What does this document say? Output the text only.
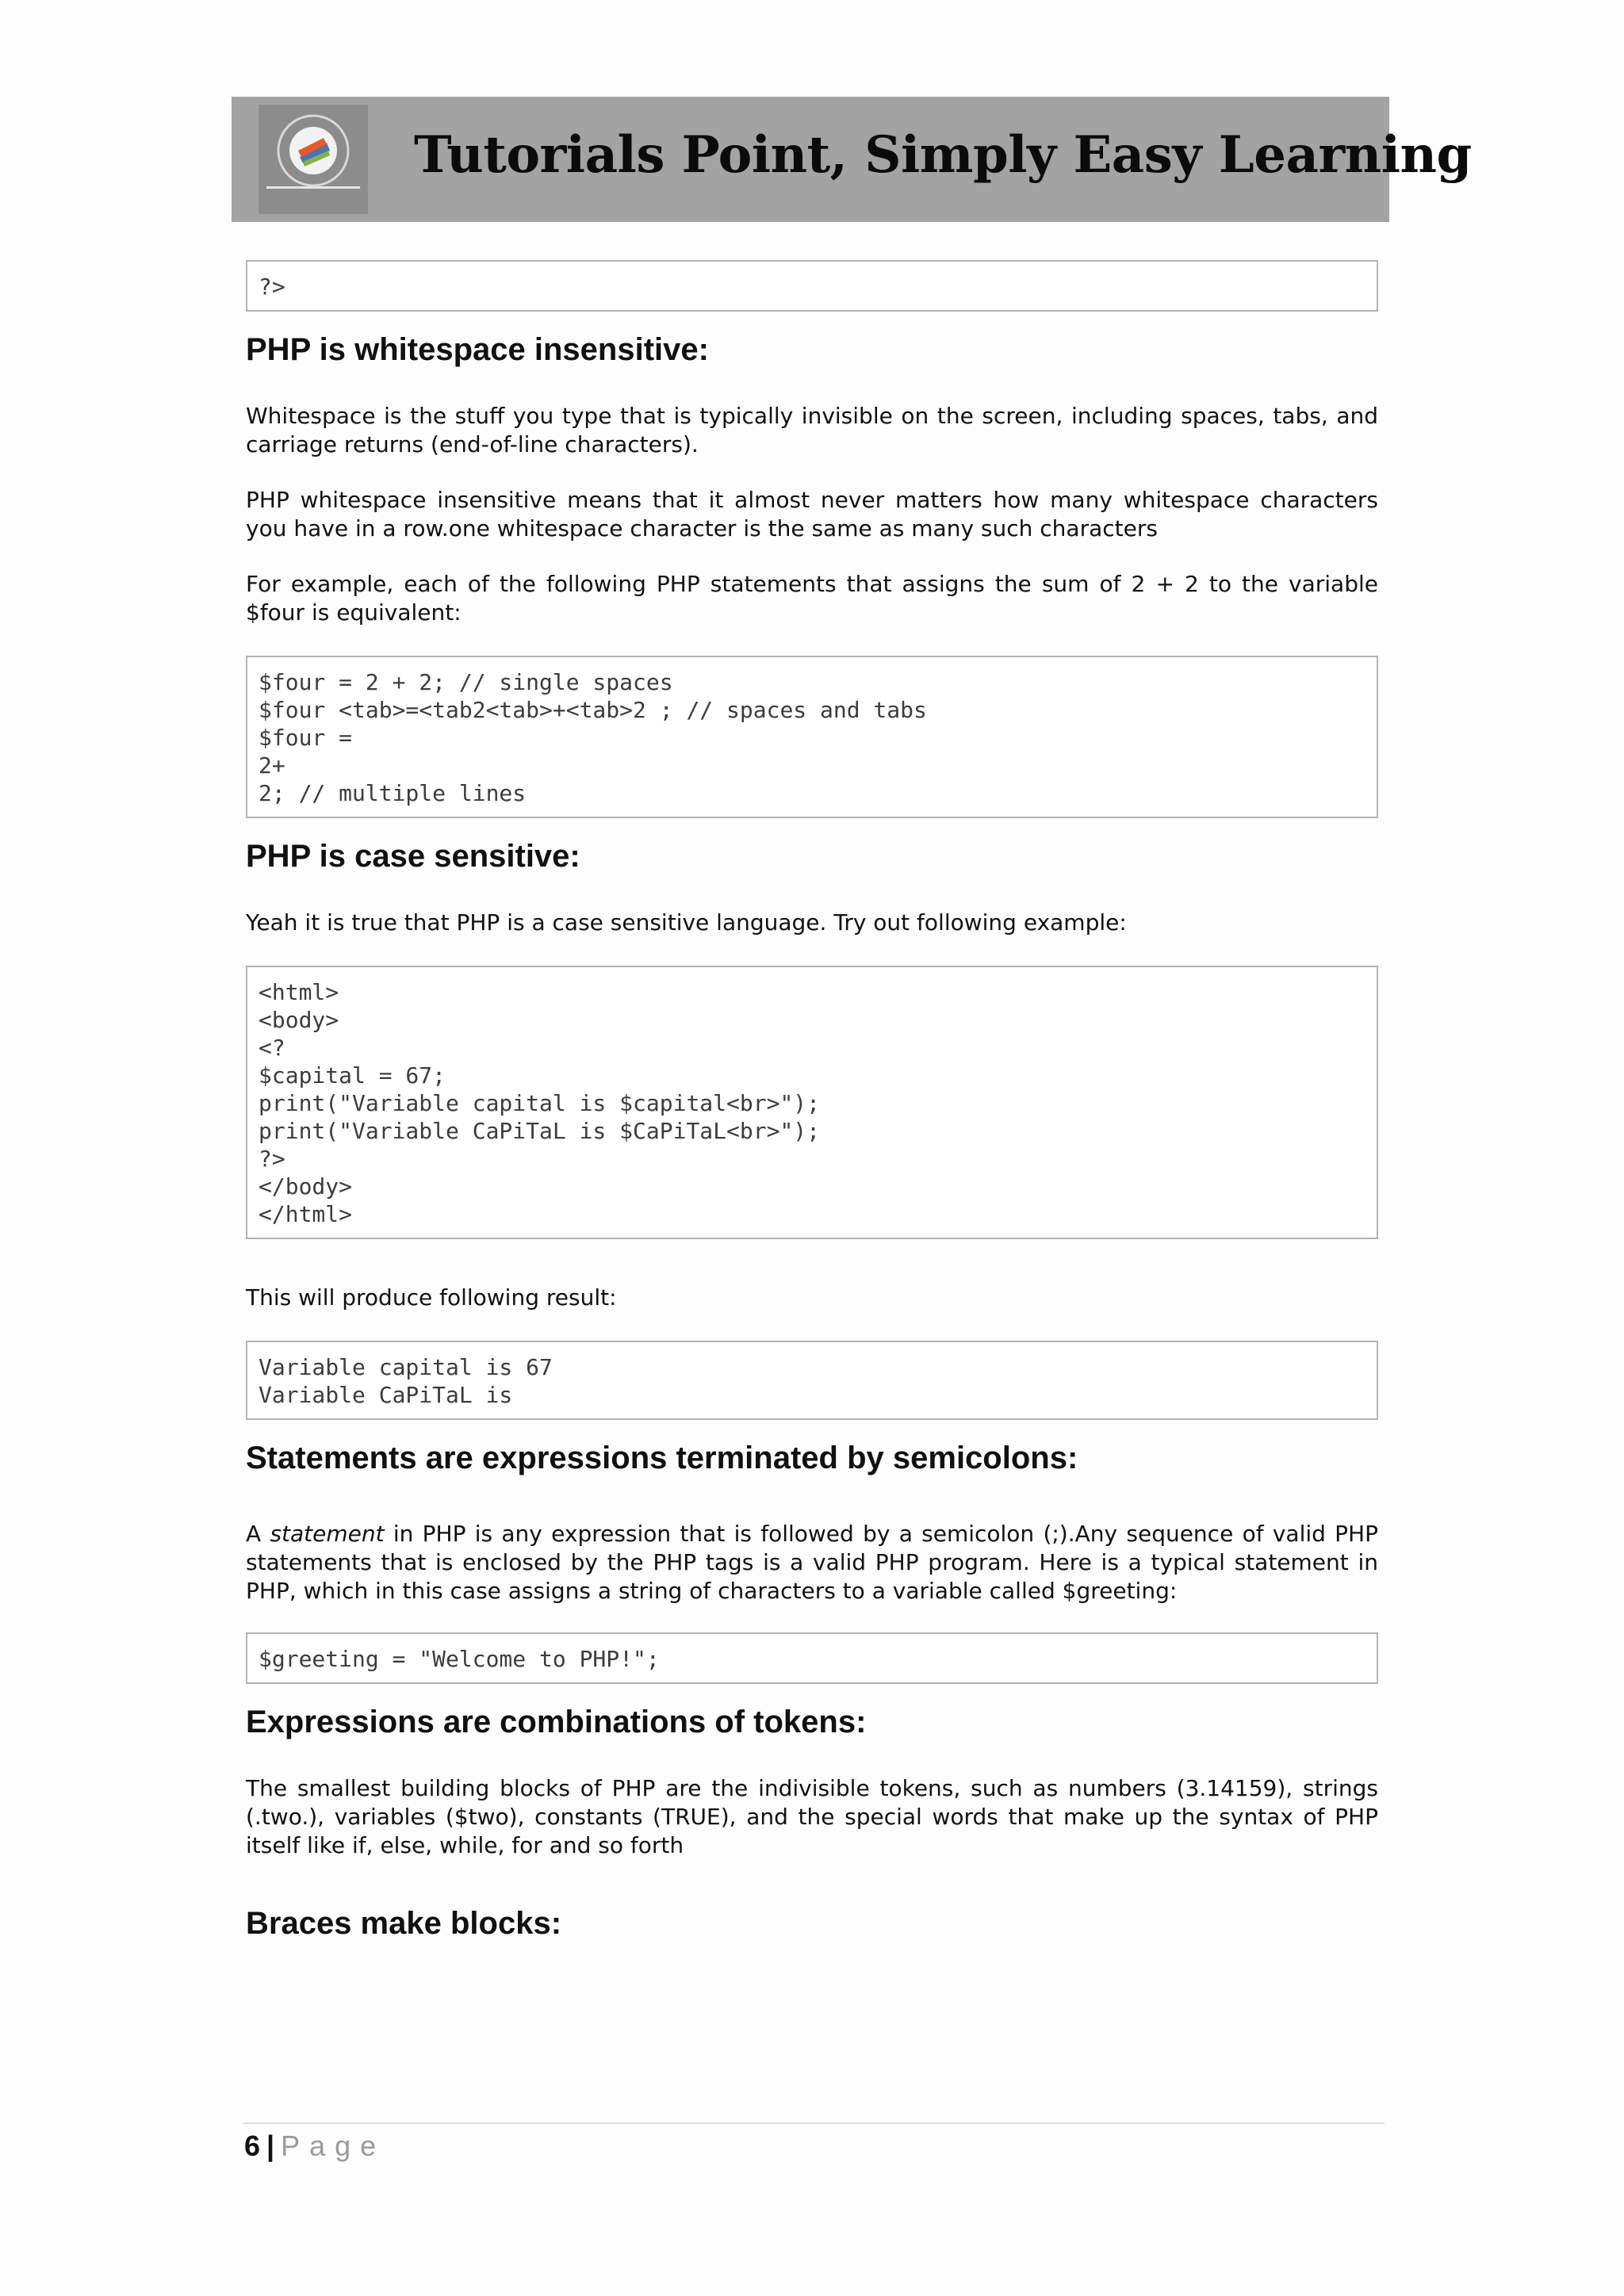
Tutorials Point, Simply Easy Learning
?>
PHP is whitespace insensitive:

Whitespace is the stuff you type that is typically invisible on the screen, including spaces, tabs, and carriage returns (end-of-line characters).

PHP whitespace insensitive means that it almost never matters how many whitespace characters you have in a row.one whitespace character is the same as many such characters

For example, each of the following PHP statements that assigns the sum of 2 + 2 to the variable $four is equivalent:

$four = 2 + 2; // single spaces
$four <tab>=<tab2<tab>+<tab>2 ; // spaces and tabs
$four =
2+
2; // multiple lines
PHP is case sensitive:

Yeah it is true that PHP is a case sensitive language. Try out following example:

<html>
<body>
<?
$capital = 67;
print("Variable capital is $capital<br>");
print("Variable CaPiTaL is $CaPiTaL<br>");
?>
</body>
</html>

This will produce following result:

Variable capital is 67
Variable CaPiTaL is
Statements are expressions terminated by semicolons:

A statement in PHP is any expression that is followed by a semicolon (;).Any sequence of valid PHP statements that is enclosed by the PHP tags is a valid PHP program. Here is a typical statement in PHP, which in this case assigns a string of characters to a variable called $greeting:

$greeting = "Welcome to PHP!";
Expressions are combinations of tokens:

The smallest building blocks of PHP are the indivisible tokens, such as numbers (3.14159), strings (.two.), variables ($two), constants (TRUE), and the special words that make up the syntax of PHP itself like if, else, while, for and so forth

Braces make blocks:
6 | Page
